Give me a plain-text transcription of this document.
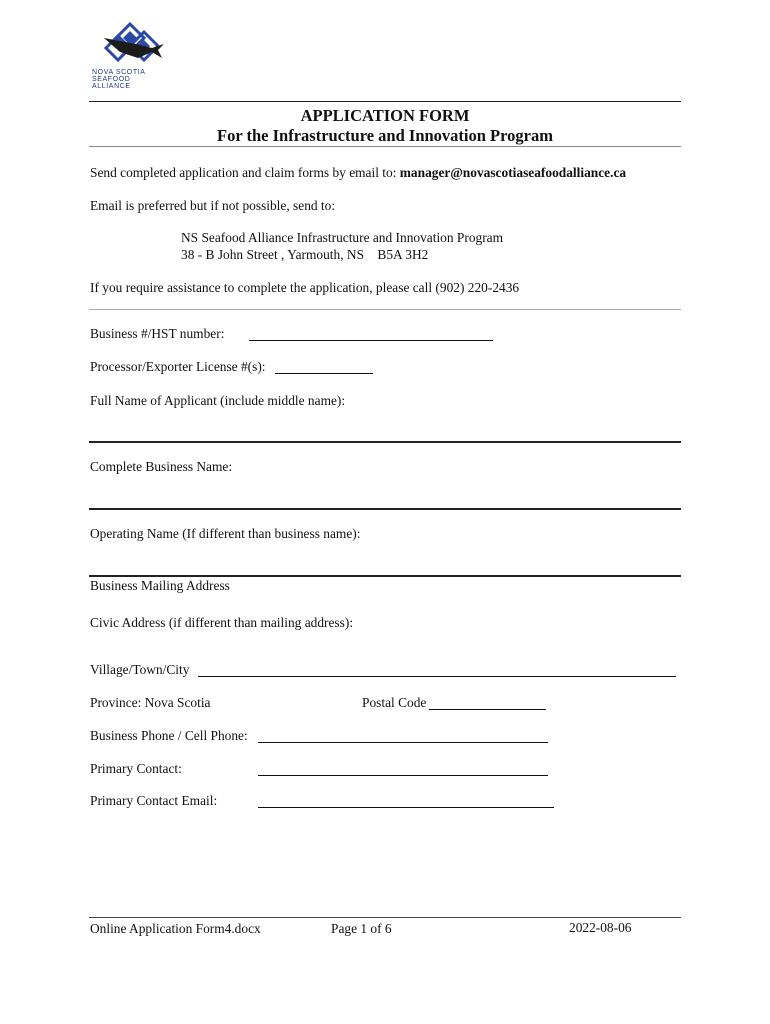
NOVA SCOTIA
SEAFOOD ALLIANCE
APPLICATION FORM
For the Infrastructure and Innovation Program
Send completed application and claim forms by email to: manager@novascotiaseafoodalliance.ca
Email is preferred but if not possible, send to:
NS Seafood Alliance Infrastructure and Innovation Program
38 - B John Street , Yarmouth, NS    B5A 3H2
If you require assistance to complete the application, please call (902) 220-2436
Business #/HST number:
Processor/Exporter License #(s):
Full Name of Applicant (include middle name):
Complete Business Name:
Operating Name (If different than business name):
Business Mailing Address
Civic Address (if different than mailing address):
Village/Town/City
Province: Nova Scotia	Postal Code
Business Phone / Cell Phone:
Primary Contact:
Primary Contact Email:
Online Application Form4.docx	Page 1 of 6	2022-08-06
